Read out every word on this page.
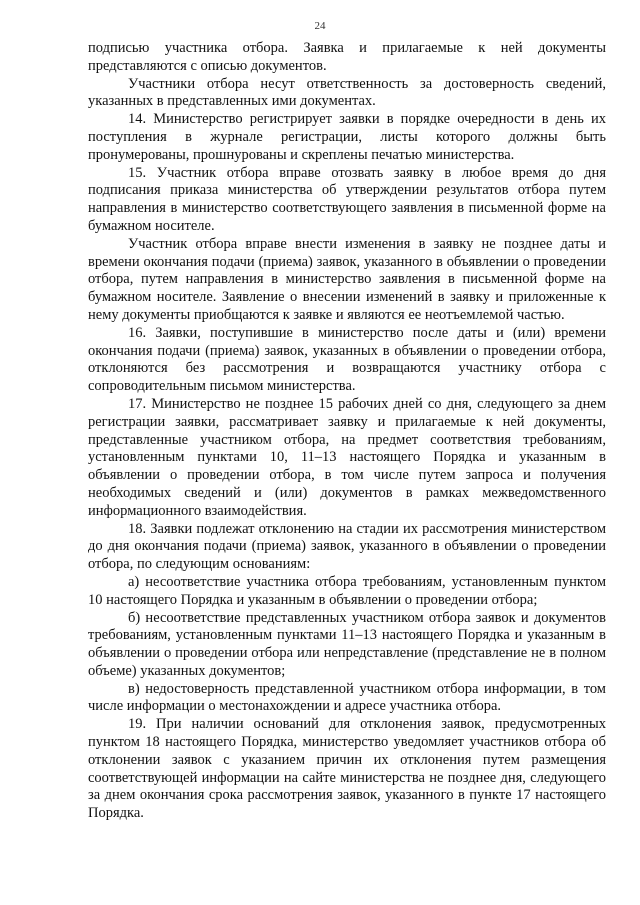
24

подписью участника отбора. Заявка и прилагаемые к ней документы представляются с описью документов.

Участники отбора несут ответственность за достоверность сведений, указанных в представленных ими документах.

14. Министерство регистрирует заявки в порядке очередности в день их поступления в журнале регистрации, листы которого должны быть пронумерованы, прошнурованы и скреплены печатью министерства.

15. Участник отбора вправе отозвать заявку в любое время до дня подписания приказа министерства об утверждении результатов отбора путем направления в министерство соответствующего заявления в письменной форме на бумажном носителе.

Участник отбора вправе внести изменения в заявку не позднее даты и времени окончания подачи (приема) заявок, указанного в объявлении о проведении отбора, путем направления в министерство заявления в письменной форме на бумажном носителе. Заявление о внесении изменений в заявку и приложенные к нему документы приобщаются к заявке и являются ее неотъемлемой частью.

16. Заявки, поступившие в министерство после даты и (или) времени окончания подачи (приема) заявок, указанных в объявлении о проведении отбора, отклоняются без рассмотрения и возвращаются участнику отбора с сопроводительным письмом министерства.

17. Министерство не позднее 15 рабочих дней со дня, следующего за днем регистрации заявки, рассматривает заявку и прилагаемые к ней документы, представленные участником отбора, на предмет соответствия требованиям, установленным пунктами 10, 11–13 настоящего Порядка и указанным в объявлении о проведении отбора, в том числе путем запроса и получения необходимых сведений и (или) документов в рамках межведомственного информационного взаимодействия.

18. Заявки подлежат отклонению на стадии их рассмотрения министерством до дня окончания подачи (приема) заявок, указанного в объявлении о проведении отбора, по следующим основаниям:

а) несоответствие участника отбора требованиям, установленным пунктом 10 настоящего Порядка и указанным в объявлении о проведении отбора;

б) несоответствие представленных участником отбора заявок и документов требованиям, установленным пунктами 11–13 настоящего Порядка и указанным в объявлении о проведении отбора или непредставление (представление не в полном объеме) указанных документов;

в) недостоверность представленной участником отбора информации, в том числе информации о местонахождении и адресе участника отбора.

19. При наличии оснований для отклонения заявок, предусмотренных пунктом 18 настоящего Порядка, министерство уведомляет участников отбора об отклонении заявок с указанием причин их отклонения путем размещения соответствующей информации на сайте министерства не позднее дня, следующего за днем окончания срока рассмотрения заявок, указанного в пункте 17 настоящего Порядка.
